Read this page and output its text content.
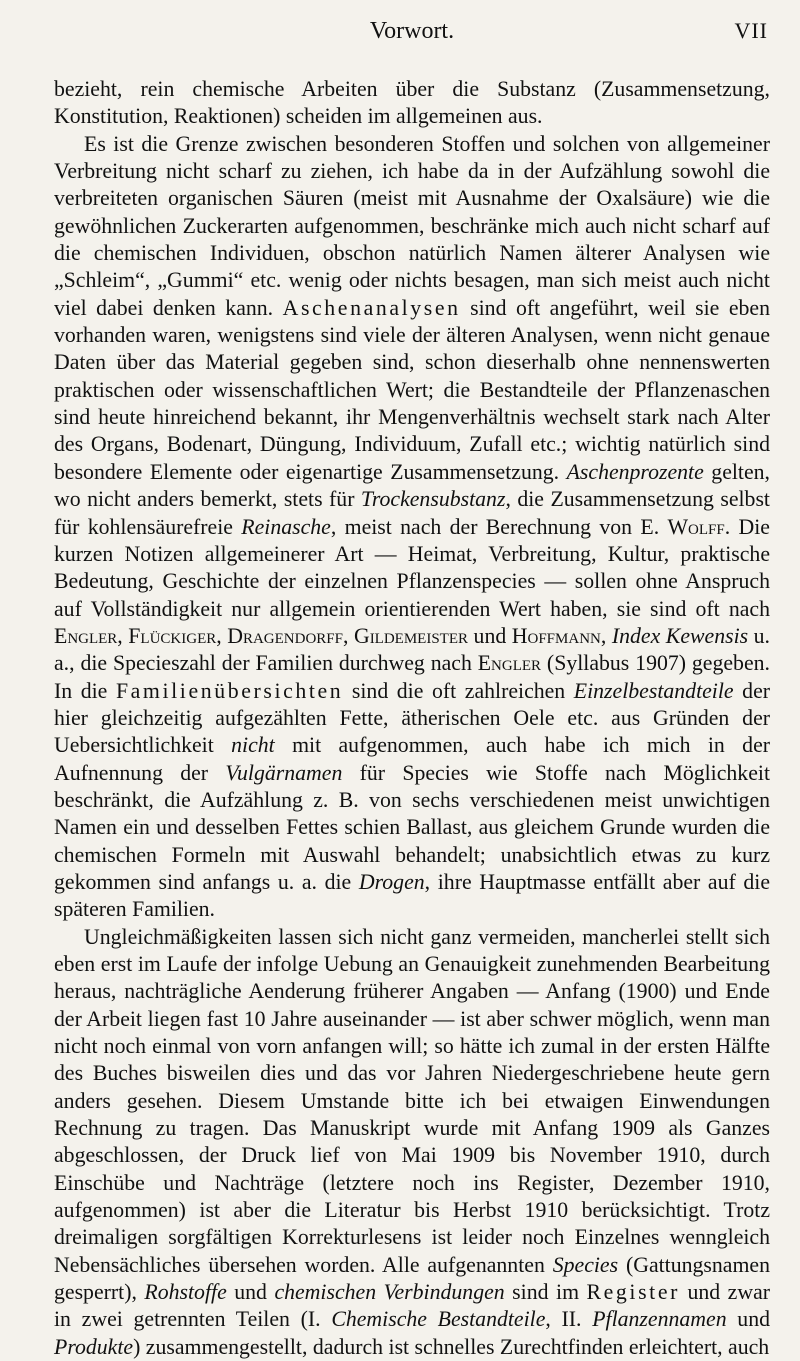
Vorwort.	VII

bezieht, rein chemische Arbeiten über die Substanz (Zusammensetzung, Konstitution, Reaktionen) scheiden im allgemeinen aus.

Es ist die Grenze zwischen besonderen Stoffen und solchen von allgemeiner Verbreitung nicht scharf zu ziehen, ich habe da in der Aufzählung sowohl die verbreiteten organischen Säuren (meist mit Ausnahme der Oxalsäure) wie die gewöhnlichen Zuckerarten aufgenommen, beschränke mich auch nicht scharf auf die chemischen Individuen, obschon natürlich Namen älterer Analysen wie „Schleim“, „Gummi“ etc. wenig oder nichts besagen, man sich meist auch nicht viel dabei denken kann. Aschenanalysen sind oft angeführt, weil sie eben vorhanden waren, wenigstens sind viele der älteren Analysen, wenn nicht genaue Daten über das Material gegeben sind, schon dieserhalb ohne nennenswerten praktischen oder wissenschaftlichen Wert; die Bestandteile der Pflanzenaschen sind heute hinreichend bekannt, ihr Mengenverhältnis wechselt stark nach Alter des Organs, Bodenart, Düngung, Individuum, Zufall etc.; wichtig natürlich sind besondere Elemente oder eigenartige Zusammensetzung. Aschenprozente gelten, wo nicht anders bemerkt, stets für Trockensubstanz, die Zusammensetzung selbst für kohlensäurefreie Reinasche, meist nach der Berechnung von E. Wolff. Die kurzen Notizen allgemeinerer Art — Heimat, Verbreitung, Kultur, praktische Bedeutung, Geschichte der einzelnen Pflanzenspecies — sollen ohne Anspruch auf Vollständigkeit nur allgemein orientierenden Wert haben, sie sind oft nach Engler, Flückiger, Dragendorff, Gildemeister und Hoffmann, Index Kewensis u. a., die Specieszahl der Familien durchweg nach Engler (Syllabus 1907) gegeben. In die Familienübersichten sind die oft zahlreichen Einzelbestandteile der hier gleichzeitig aufgezählten Fette, ätherischen Oele etc. aus Gründen der Uebersichtlichkeit nicht mit aufgenommen, auch habe ich mich in der Aufnennung der Vulgärnamen für Species wie Stoffe nach Möglichkeit beschränkt, die Aufzählung z. B. von sechs verschiedenen meist unwichtigen Namen ein und desselben Fettes schien Ballast, aus gleichem Grunde wurden die chemischen Formeln mit Auswahl behandelt; unabsichtlich etwas zu kurz gekommen sind anfangs u. a. die Drogen, ihre Hauptmasse entfällt aber auf die späteren Familien.

Ungleichmäßigkeiten lassen sich nicht ganz vermeiden, mancherlei stellt sich eben erst im Laufe der infolge Uebung an Genauigkeit zunehmenden Bearbeitung heraus, nachträgliche Aenderung früherer Angaben — Anfang (1900) und Ende der Arbeit liegen fast 10 Jahre auseinander — ist aber schwer möglich, wenn man nicht noch einmal von vorn anfangen will; so hätte ich zumal in der ersten Hälfte des Buches bisweilen dies und das vor Jahren Niedergeschriebene heute gern anders gesehen. Diesem Umstande bitte ich bei etwaigen Einwendungen Rechnung zu tragen. Das Manuskript wurde mit Anfang 1909 als Ganzes abgeschlossen, der Druck lief von Mai 1909 bis November 1910, durch Einschübe und Nachträge (letztere noch ins Register, Dezember 1910, aufgenommen) ist aber die Literatur bis Herbst 1910 berücksichtigt. Trotz dreimaligen sorgfältigen Korrekturlesens ist leider noch Einzelnes wenngleich Nebensächliches übersehen worden. Alle aufgenannten Species (Gattungsnamen gesperrt), Rohstoffe und chemischen Verbindungen sind im Register und zwar in zwei getrennten Teilen (I. Chemische Bestandteile, II. Pflanzennamen und Produkte) zusammengestellt, dadurch ist schnelles Zurechtfinden erleichtert, auch
